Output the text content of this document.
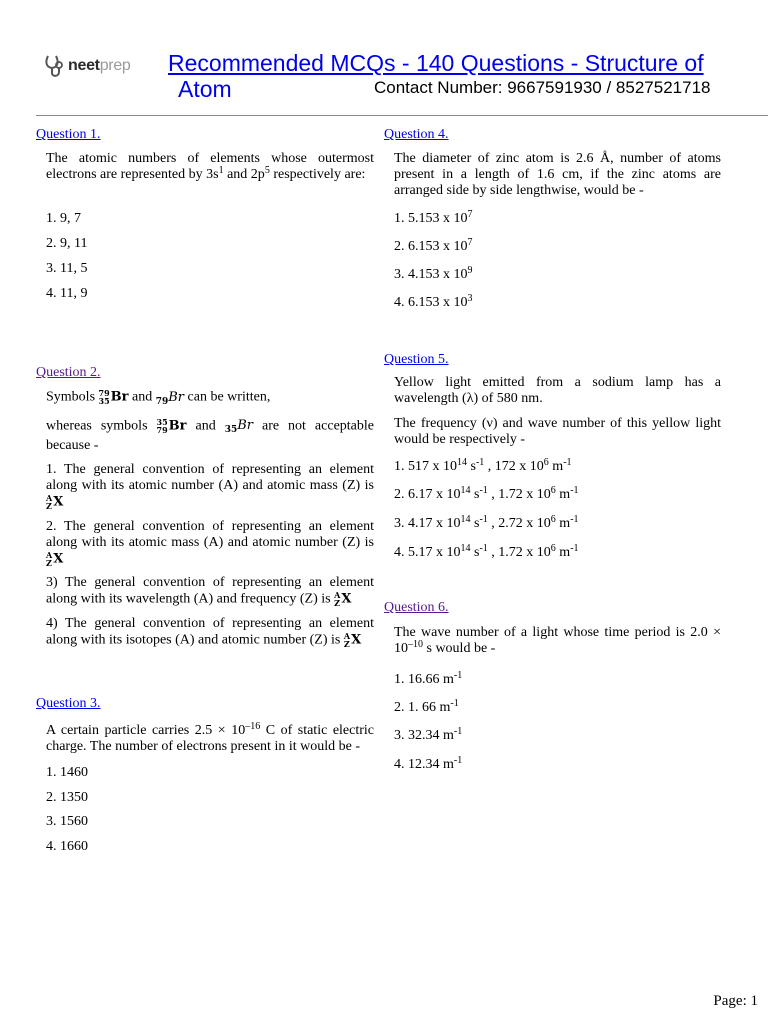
neetprep Recommended MCQs - 140 Questions - Structure of
Atom	Contact Number: 9667591930 / 8527521718
Question 1.
The atomic numbers of elements whose outermost electrons are represented by $3s^1$ and $2p^5$ respectively are:
1. 9, 7
2. 9, 11
3. 11, 5
4. 11, 9
Question 2.

Symbols 79
35 Br and $_{79}$Br can be written,

whereas symbols 35
79 Br and $_{35}$Br are not acceptable because -

1. The general convention of representing an element along with its atomic number (A) and atomic mass (Z) is
A
Z X

2. The general convention of representing an element along with its atomic mass (A) and atomic number (Z) is
A
Z X

3) The general convention of representing an element along with its wavelength (A) and frequency (Z) is A
Z X

4) The general convention of representing an element along with its isotopes (A) and atomic number (Z) is A
Z X

Question 3.
A certain particle carries $2.5 \times 10^{-16}$ C of static electric charge. The number of electrons present in it would be -
1. 1460
2. 1350
3. 1560
4. 1660
Question 4.
The diameter of zinc atom is 2.6 Å, number of atoms present in a length of 1.6 cm, if the zinc atoms are arranged side by side lengthwise, would be -
1. 5.153 x $10^7$
2. 6.153 x $10^7$
3. 4.153 x $10^9$
4. 6.153 x $10^3$
Question 5.
Yellow light emitted from a sodium lamp has a wavelength (λ) of 580 nm.
The frequency (ν) and wave number of this yellow light would be respectively -
1. 517 x $10^{14}$ $s^{-1}$ , 172 x $10^6$ $m^{-1}$
2. 6.17 x $10^{14}$ $s^{-1}$ , 1.72 x $10^6$ $m^{-1}$
3. 4.17 x $10^{14}$ $s^{-1}$ , 2.72 x $10^6$ $m^{-1}$
4. 5.17 x $10^{14}$ $s^{-1}$ , 1.72 x $10^6$ $m^{-1}$
Question 6.
The wave number of a light whose time period is $2.0 \times 10^{-10}$ s would be -
1. 16.66 $m^{-1}$
2. 1. 66 $m^{-1}$
3. 32.34 $m^{-1}$
4. 12.34 $m^{-1}$
Page: 1
